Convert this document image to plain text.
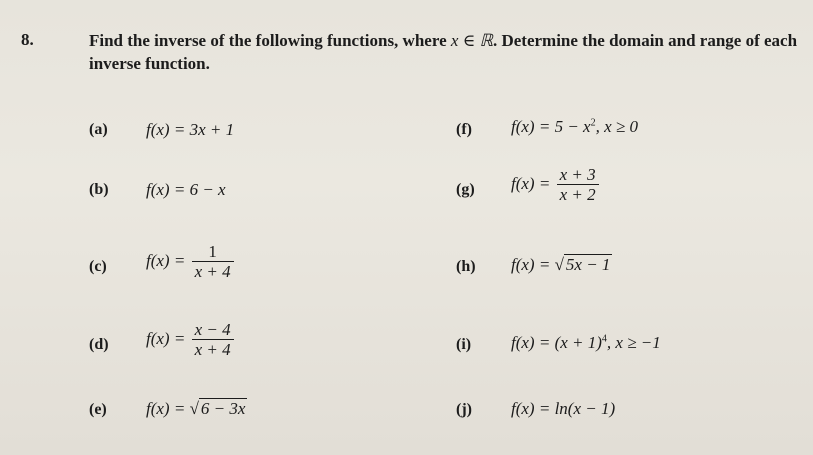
8.	Find the inverse of the following functions, where x ∈ ℝ. Determine the domain and range of each inverse function.
(a) f(x) = 3x + 1
(b) f(x) = 6 − x
(c) $f(x) = \frac{1}{x + 4}$
(d) $f(x) = \frac{x - 4}{x + 4}$
(e) f(x) = √ 6 − 3x
(f) $f(x) = 5 - x^2$, x ≥ 0
(g) $f(x) = \frac{x + 3}{x + 2}$
(h) f(x) = √ 5x − 1
(i) $f(x) = (x + 1)^4$, x ≥ −1
(j) f(x) = ln(x − 1)
